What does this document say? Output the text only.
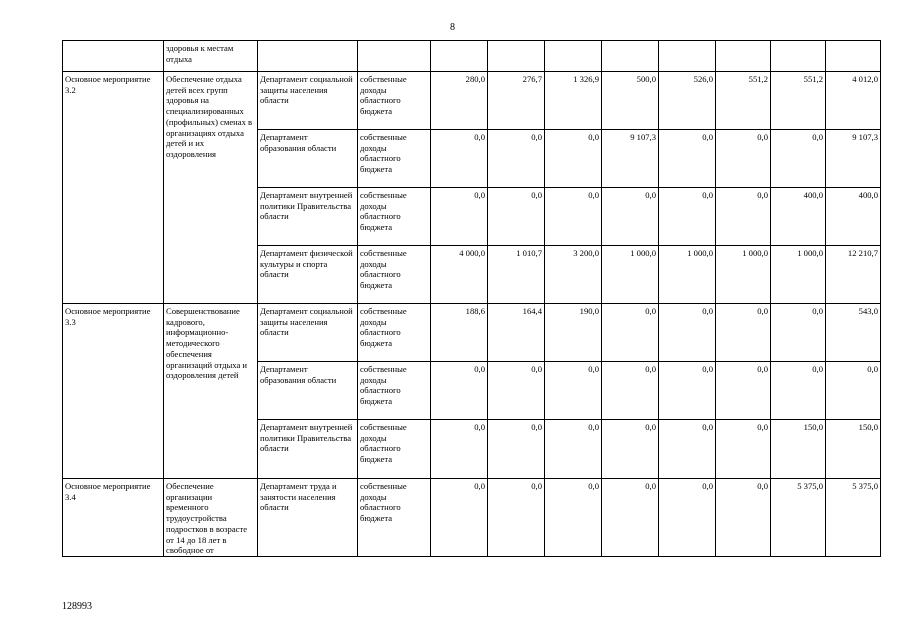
8
	здоровья к местам отдыха										
Основное мероприятие 3.2	Обеспечение отдыха детей всех групп здоровья на специализированных (профильных) сменах в организациях отдыха детей и их оздоровления	Департамент социальной защиты населения области	собственные доходы областного бюджета	280,0	276,7	1 326,9	500,0	526,0	551,2	551,2	4 012,0
		Департамент образования области	собственные доходы областного бюджета	0,0	0,0	0,0	9 107,3	0,0	0,0	0,0	9 107,3
		Департамент внутренней политики Правительства области	собственные доходы областного бюджета	0,0	0,0	0,0	0,0	0,0	0,0	400,0	400,0
		Департамент физической культуры и спорта области	собственные доходы областного бюджета	4 000,0	1 010,7	3 200,0	1 000,0	1 000,0	1 000,0	1 000,0	12 210,7
Основное мероприятие 3.3	Совершенствование кадрового, информационно-методического обеспечения организаций отдыха и оздоровления детей	Департамент социальной защиты населения области	собственные доходы областного бюджета	188,6	164,4	190,0	0,0	0,0	0,0	0,0	543,0
		Департамент образования области	собственные доходы областного бюджета	0,0	0,0	0,0	0,0	0,0	0,0	0,0	0,0
		Департамент внутренней политики Правительства области	собственные доходы областного бюджета	0,0	0,0	0,0	0,0	0,0	0,0	150,0	150,0
Основное мероприятие 3.4	Обеспечение организации временного трудоустройства подростков в возрасте от 14 до 18 лет в свободное от	Департамент труда и занятости населения области	собственные доходы областного бюджета	0,0	0,0	0,0	0,0	0,0	0,0	5 375,0	5 375,0
128993
